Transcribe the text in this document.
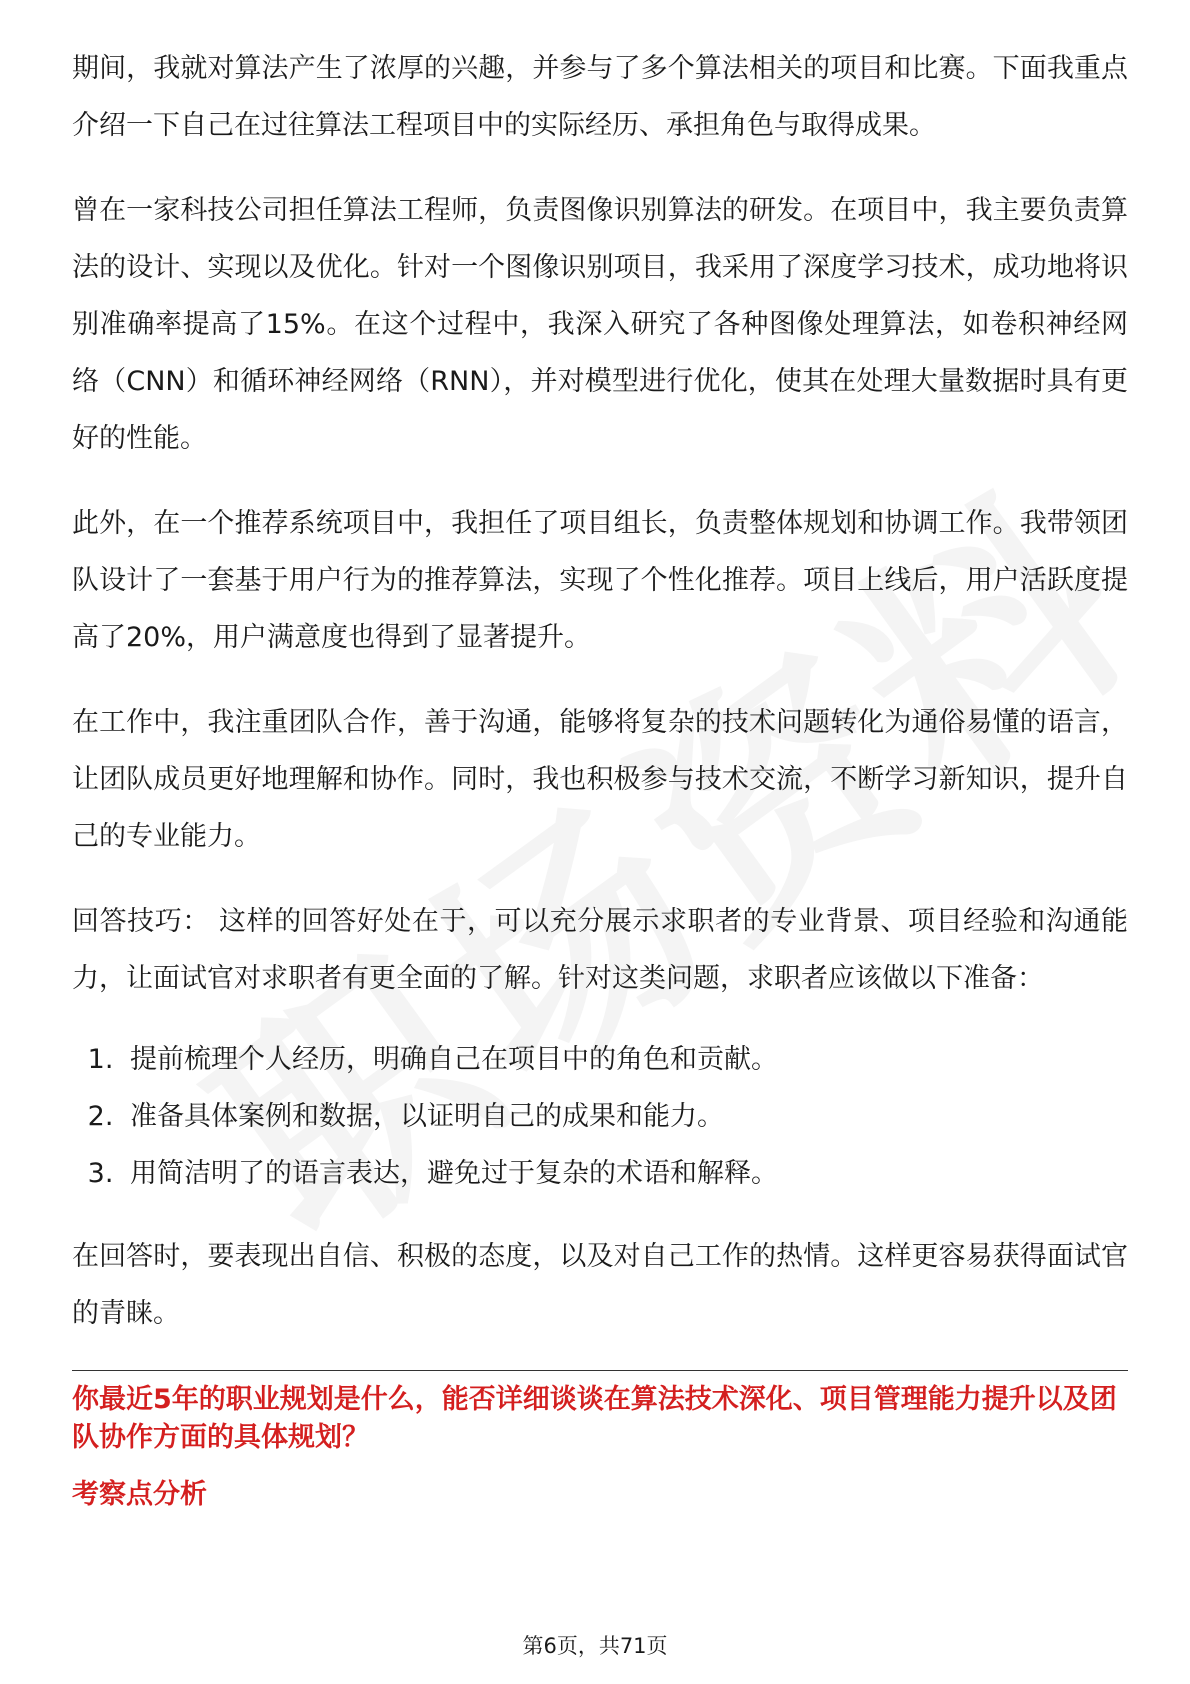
期间，我就对算法产生了浓厚的兴趣，并参与了多个算法相关的项目和比赛。下面我重点介绍一下自己在过往算法工程项目中的实际经历、承担角色与取得成果。

曾在一家科技公司担任算法工程师，负责图像识别算法的研发。在项目中，我主要负责算法的设计、实现以及优化。针对一个图像识别项目，我采用了深度学习技术，成功地将识别准确率提高了15%。在这个过程中，我深入研究了各种图像处理算法，如卷积神经网络（CNN）和循环神经网络（RNN），并对模型进行优化，使其在处理大量数据时具有更好的性能。

此外，在一个推荐系统项目中，我担任了项目组长，负责整体规划和协调工作。我带领团队设计了一套基于用户行为的推荐算法，实现了个性化推荐。项目上线后，用户活跃度提高了20%，用户满意度也得到了显著提升。

在工作中，我注重团队合作，善于沟通，能够将复杂的技术问题转化为通俗易懂的语言，让团队成员更好地理解和协作。同时，我也积极参与技术交流，不断学习新知识，提升自己的专业能力。

回答技巧： 这样的回答好处在于，可以充分展示求职者的专业背景、项目经验和沟通能力，让面试官对求职者有更全面的了解。针对这类问题，求职者应该做以下准备：

1. 提前梳理个人经历，明确自己在项目中的角色和贡献。
2. 准备具体案例和数据，以证明自己的成果和能力。
3. 用简洁明了的语言表达，避免过于复杂的术语和解释。

在回答时，要表现出自信、积极的态度，以及对自己工作的热情。这样更容易获得面试官的青睐。

你最近5年的职业规划是什么，能否详细谈谈在算法技术深化、项目管理能力提升以及团队协作方面的具体规划？

考察点分析

第6页，共71页
